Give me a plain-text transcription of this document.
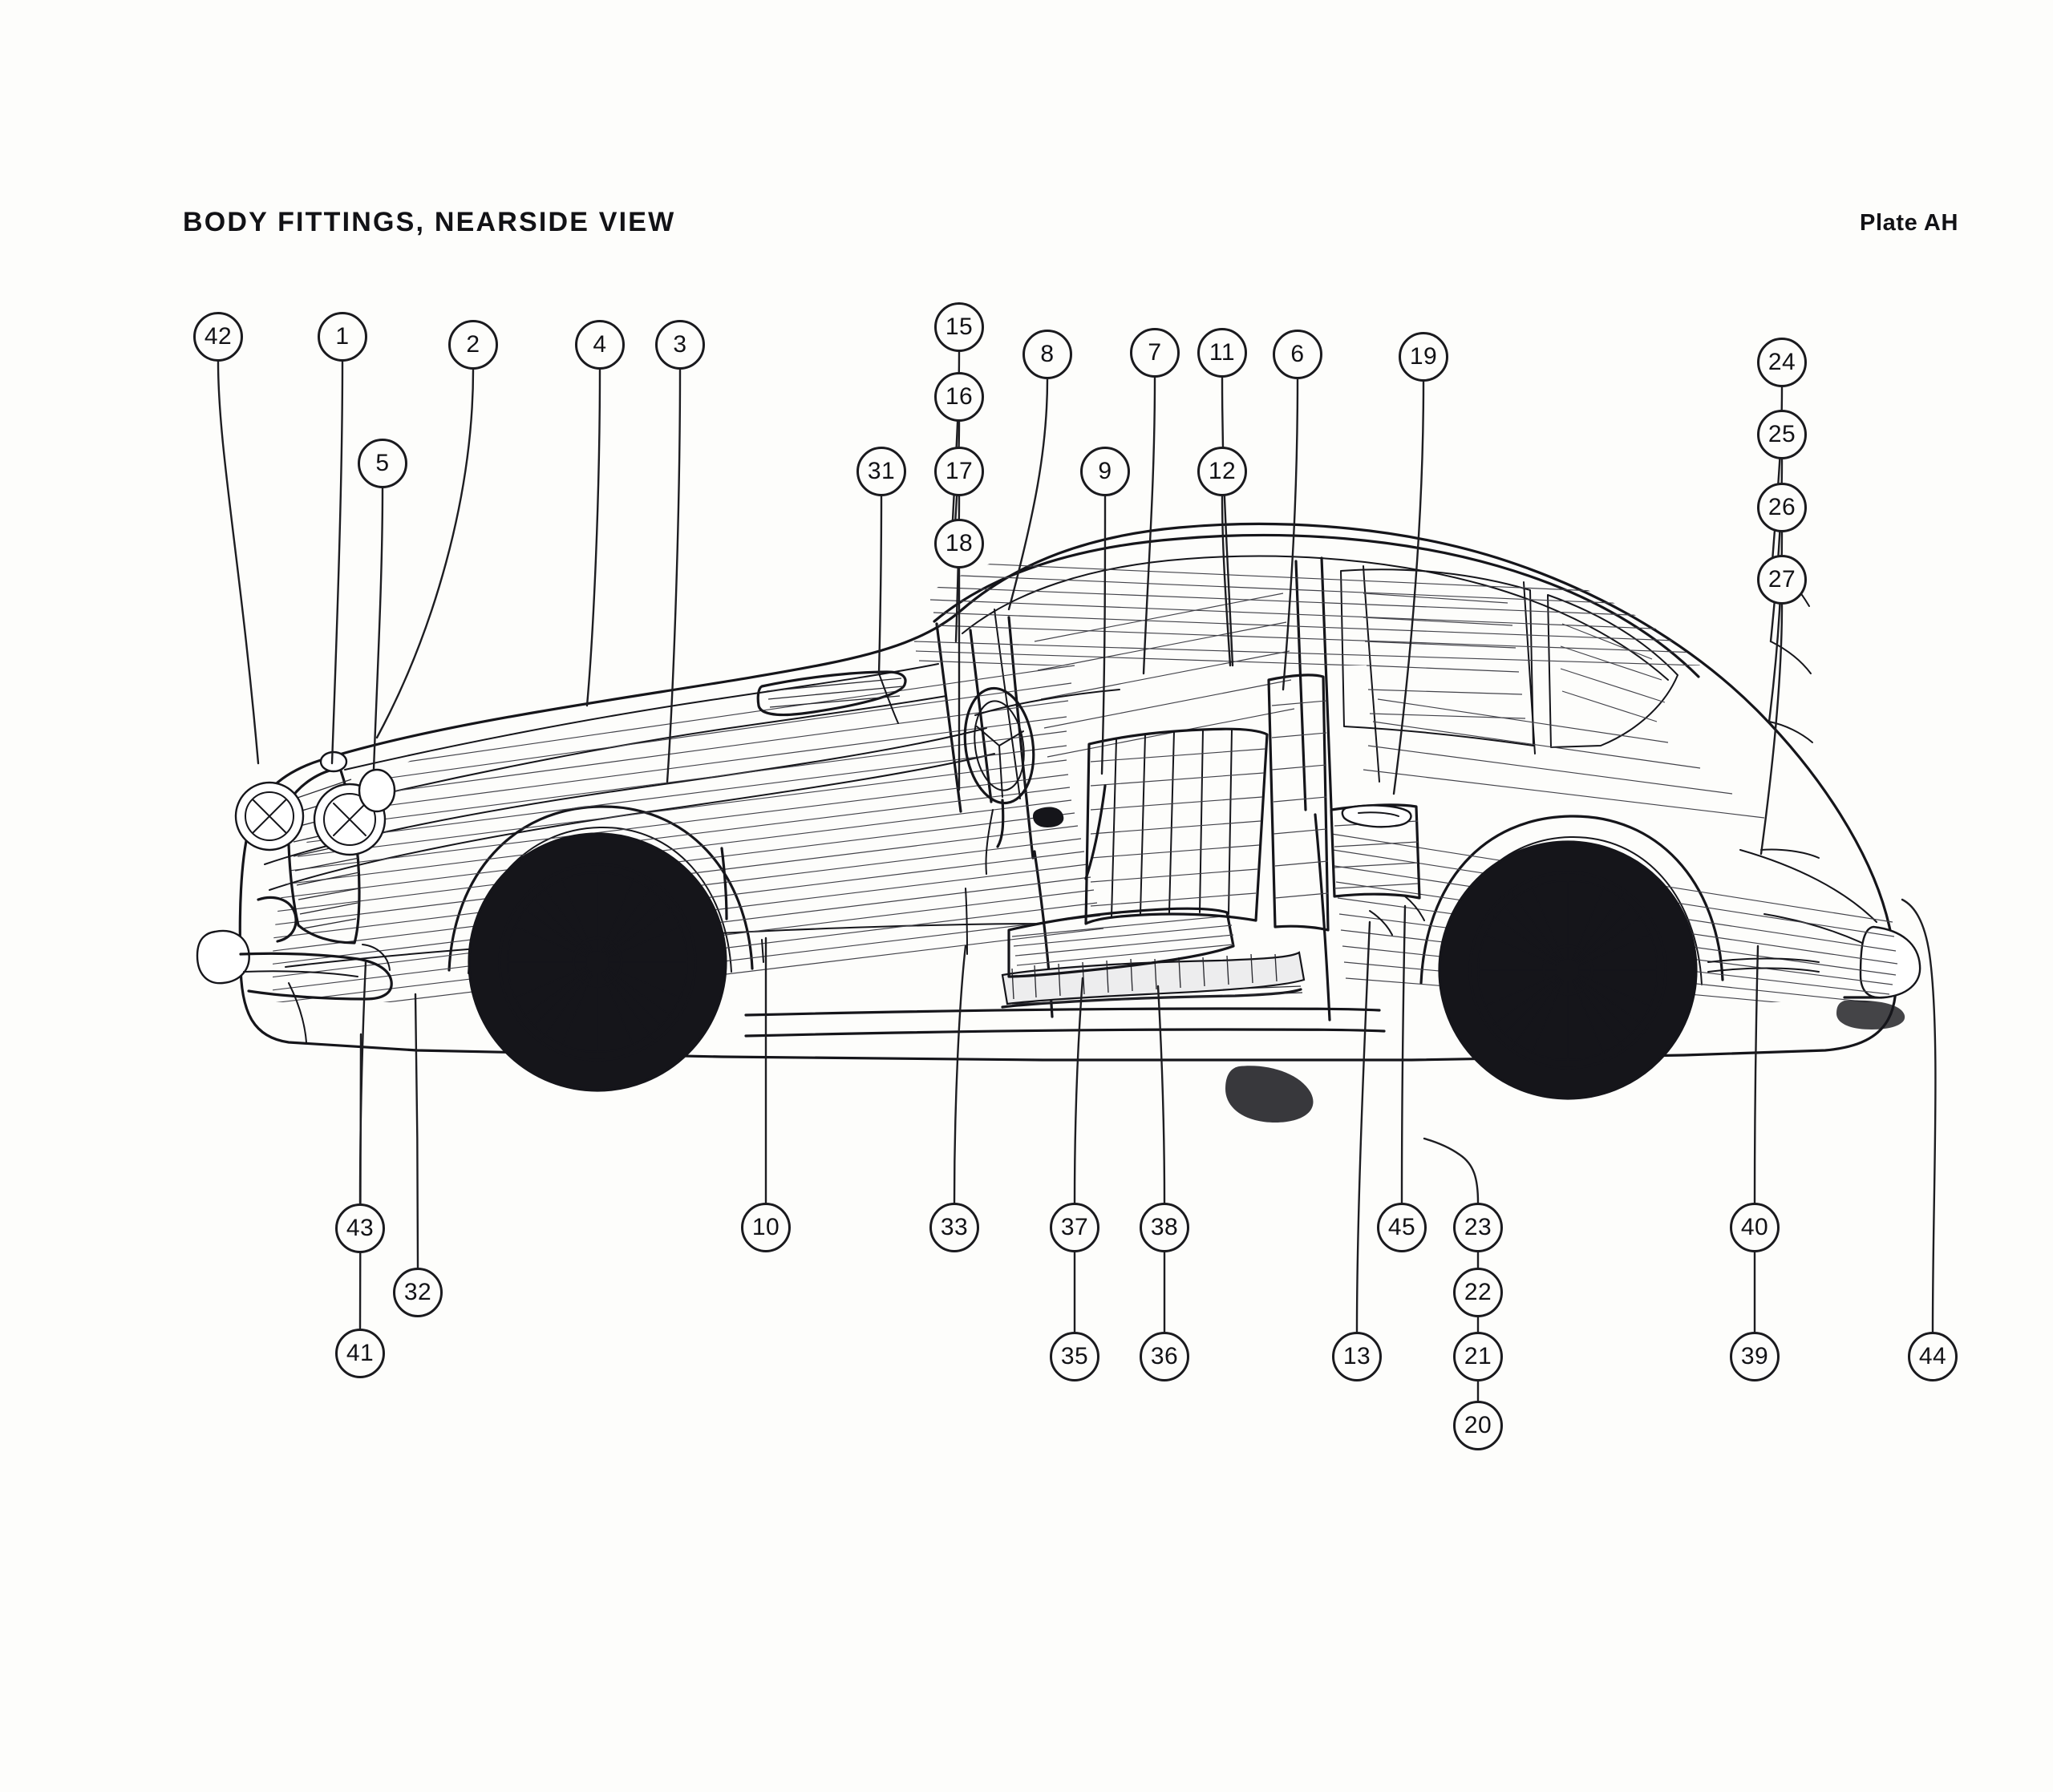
BODY FITTINGS, NEARSIDE VIEW	Plate AH
42	1	2	4	3
5
15
16
31	17
18
8
9
7	11
12
6	19	24
25
26
27
43
32
41
10	33	37	38
35	36
45	23
13
22
21
20
40
39	44
